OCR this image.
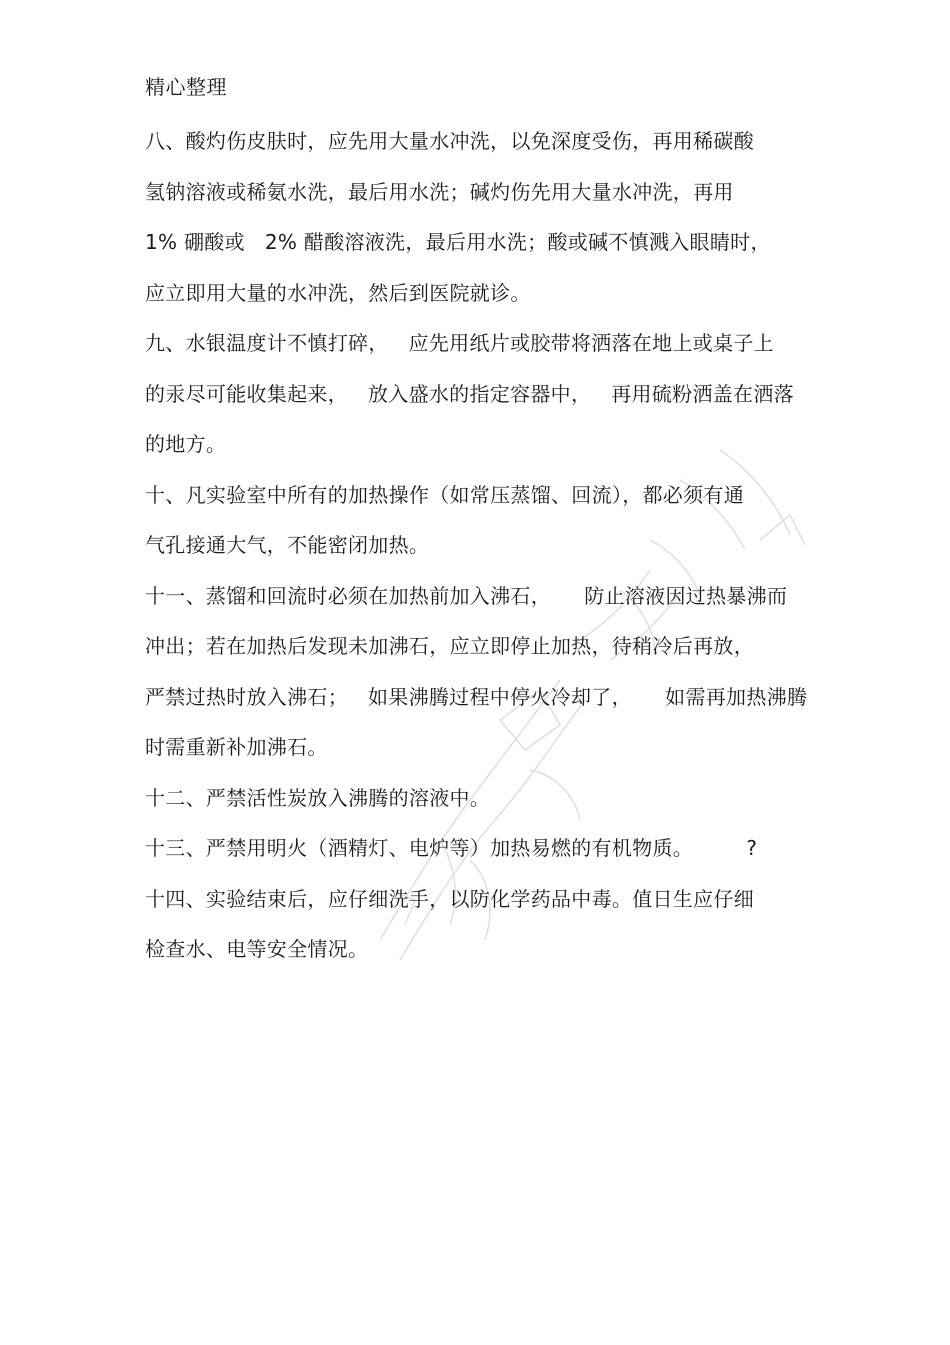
精心整理
八、酸灼伤皮肤时，应先用大量水冲洗，以免深度受伤，再用稀碳酸
氢钠溶液或稀氨水洗，最后用水洗；碱灼伤先用大量水冲洗，再用
1% 硼酸或   2% 醋酸溶液洗，最后用水洗；酸或碱不慎溅入眼睛时，
应立即用大量的水冲洗，然后到医院就诊。
九、水银温度计不慎打碎，   应先用纸片或胶带将洒落在地上或桌子上
的汞尽可能收集起来，   放入盛水的指定容器中，   再用硫粉洒盖在洒落
的地方。
十、凡实验室中所有的加热操作（如常压蒸馏、回流），都必须有通
气孔接通大气，不能密闭加热。
十一、蒸馏和回流时必须在加热前加入沸石，     防止溶液因过热暴沸而
冲出；若在加热后发现未加沸石，应立即停止加热，待稍冷后再放，
严禁过热时放入沸石；   如果沸腾过程中停火冷却了，     如需再加热沸腾
时需重新补加沸石。
十二、严禁活性炭放入沸腾的溶液中。
十三、严禁用明火（酒精灯、电炉等）加热易燃的有机物质。        ?
十四、实验结束后，应仔细洗手，以防化学药品中毒。值日生应仔细
检查水、电等安全情况。
